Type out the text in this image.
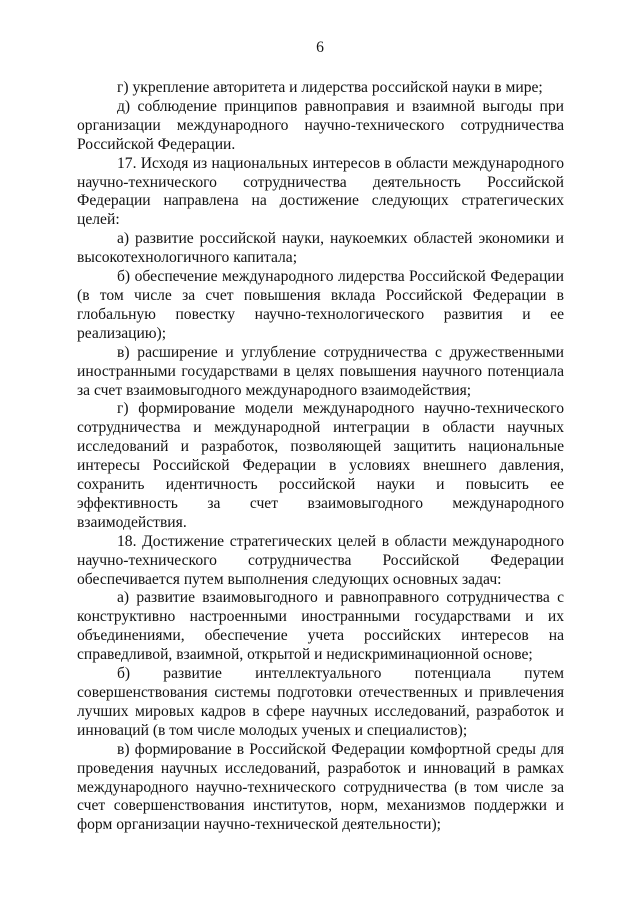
6

г) укрепление авторитета и лидерства российской науки в мире;

д) соблюдение принципов равноправия и взаимной выгоды при организации международного научно-технического сотрудничества Российской Федерации.

17. Исходя из национальных интересов в области международного научно-технического сотрудничества деятельность Российской Федерации направлена на достижение следующих стратегических целей:

а) развитие российской науки, наукоемких областей экономики и высокотехнологичного капитала;

б) обеспечение международного лидерства Российской Федерации (в том числе за счет повышения вклада Российской Федерации в глобальную повестку научно-технологического развития и ее реализацию);

в) расширение и углубление сотрудничества с дружественными иностранными государствами в целях повышения научного потенциала за счет взаимовыгодного международного взаимодействия;

г) формирование модели международного научно-технического сотрудничества и международной интеграции в области научных исследований и разработок, позволяющей защитить национальные интересы Российской Федерации в условиях внешнего давления, сохранить идентичность российской науки и повысить ее эффективность за счет взаимовыгодного международного взаимодействия.

18. Достижение стратегических целей в области международного научно-технического сотрудничества Российской Федерации обеспечивается путем выполнения следующих основных задач:

а) развитие взаимовыгодного и равноправного сотрудничества с конструктивно настроенными иностранными государствами и их объединениями, обеспечение учета российских интересов на справедливой, взаимной, открытой и недискриминационной основе;

б) развитие интеллектуального потенциала путем совершенствования системы подготовки отечественных и привлечения лучших мировых кадров в сфере научных исследований, разработок и инноваций (в том числе молодых ученых и специалистов);

в) формирование в Российской Федерации комфортной среды для проведения научных исследований, разработок и инноваций в рамках международного научно-технического сотрудничества (в том числе за счет совершенствования институтов, норм, механизмов поддержки и форм организации научно-технической деятельности);
